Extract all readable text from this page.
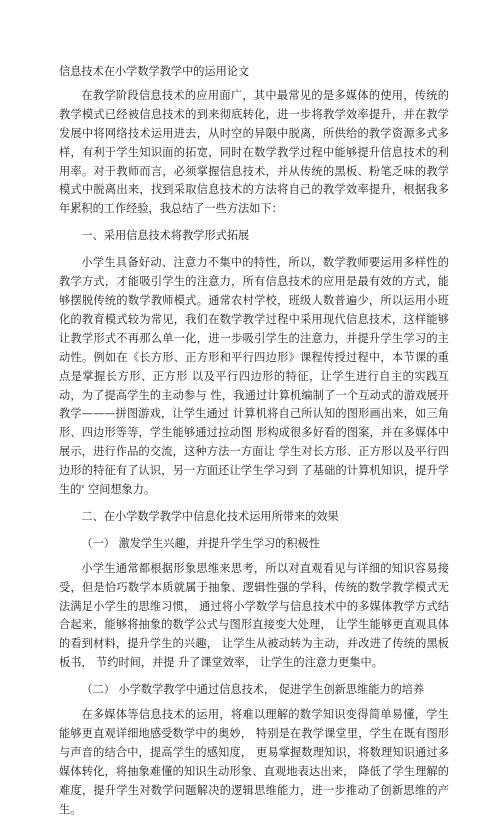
信息技术在小学数学教学中的运用论文

在教学阶段信息技术的应用面广，其中最常见的是多媒体的使用，传统的教学模式已经被信息技术的到来彻底转化，进一步将教学效率提升，并在教学发展中将网络技术运用进去，从时空的异限中脱离，所供给的教学资源多式多样，有利于学生知识面的拓宽，同时在数学教学过程中能够提升信息技术的利用率。对于教师而言，必须掌握信息技术，并从传统的黑板、粉笔乏味的教学模式中脱离出来，找到采取信息技术的方法将自己的教学效率提升，根据我多年累积的工作经验，我总结了一些方法如下：

一、采用信息技术将教学形式拓展

小学生具备好动、注意力不集中的特性，所以，数学教师要运用多样性的教学方式，才能吸引学生的注意力，所有信息技术的应用是最有效的方式，能够摆脱传统的数学教师模式。通常农村学校，班级人数普遍少，所以运用小班化的教育模式较为常见，我们在数学教学过程中采用现代信息技术，这样能够让教学形式不再那么单一化，进一步吸引学生的注意力，并提升学生学习的主动性。例如在《长方形、正方形和平行四边形》课程传授过程中，本节课的重点是掌握长方形、正方形 以及平行四边形的特征，让学生进行自主的实践互动，为了提高学生的主动参与 性，我通过计算机编制了一个互动式的游戏展开教学———拼图游戏，让学生通过 计算机将自己所认知的图形画出来，如三角形、四边形等等，学生能够通过拉动图 形构成很多好看的图案，并在多媒体中展示，进行作品的交流，这种方法一方面让 学生对长方形、正方形以及平行四边形的特征有了认识，另一方面还让学生学习到 了基础的计算机知识，提升学生的' 空间想象力。

二、在小学数学教学中信息化技术运用所带来的效果
（一） 激发学生兴趣，并提升学生学习的积极性

小学生通常都根据形象思维来思考，所以对直观看见与详细的知识容易接受，但是恰巧数学本质就属于抽象、逻辑性强的学科，传统的数学教学模式无法满足小学生的思维习惯， 通过将小学数学与信息技术中的多媒体教学方式结合起来，能够将抽象的数学公式与图形直接变大处理， 让学生能够更直观具体的看到材料，提升学生的兴趣， 让学生从被动转为主动，并改进了传统的黑板板书， 节约时间，并提 升了课堂效率， 让学生的注意力更集中。

（二） 小学数学教学中通过信息技术， 促进学生创新思维能力的培养

在多媒体等信息技术的运用，将难以理解的数学知识变得简单易懂，学生能够更直观详细地感受数学中的奥妙， 特别是在教学课堂里，学生在既有图形与声音的结合中，提高学生的感知度， 更易掌握数理知识，将数理知识通过多媒体转化，将抽象难懂的知识生动形象、直观地表达出来， 降低了学生理解的难度，提升学生对数学问题解决的逻辑思维能力，进一步推动了创新思维的产生。
